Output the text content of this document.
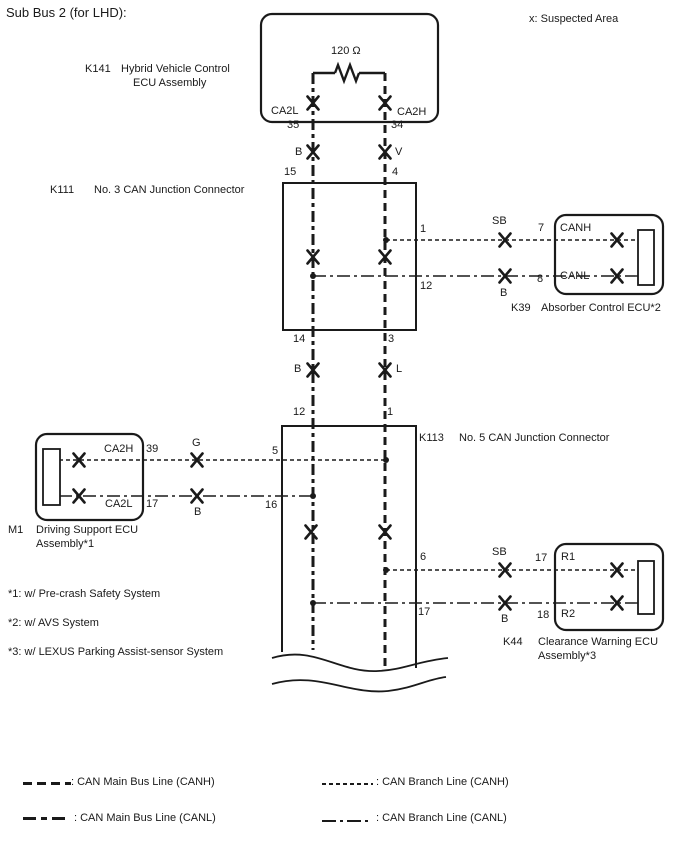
Sub Bus 2 (for LHD):	x: Suspected Area
K141 Hybrid Vehicle Control
ECU Assembly
120 Ω
CA2L	CA2H
35	34
B	V
15	4
K111 No. 3 CAN Junction Connector
1
12
14	3
SB
B
7
8
CANH
CANL
K39 Absorber Control ECU*2
B	L
12	1
K113 No. 5 CAN Junction Connector
5
16
6
17
CA2H 39	G
CA2L 17
B
M1 Driving Support ECU
Assembly*1
SB
B
17
18
R1
R2
K44 Clearance Warning ECU
Assembly*3
*1: w/ Pre-crash Safety System
*2: w/ AVS System
*3: w/ LEXUS Parking Assist-sensor System
: CAN Main Bus Line (CANH)
: CAN Main Bus Line (CANL)
: CAN Branch Line (CANH)
: CAN Branch Line (CANL)
